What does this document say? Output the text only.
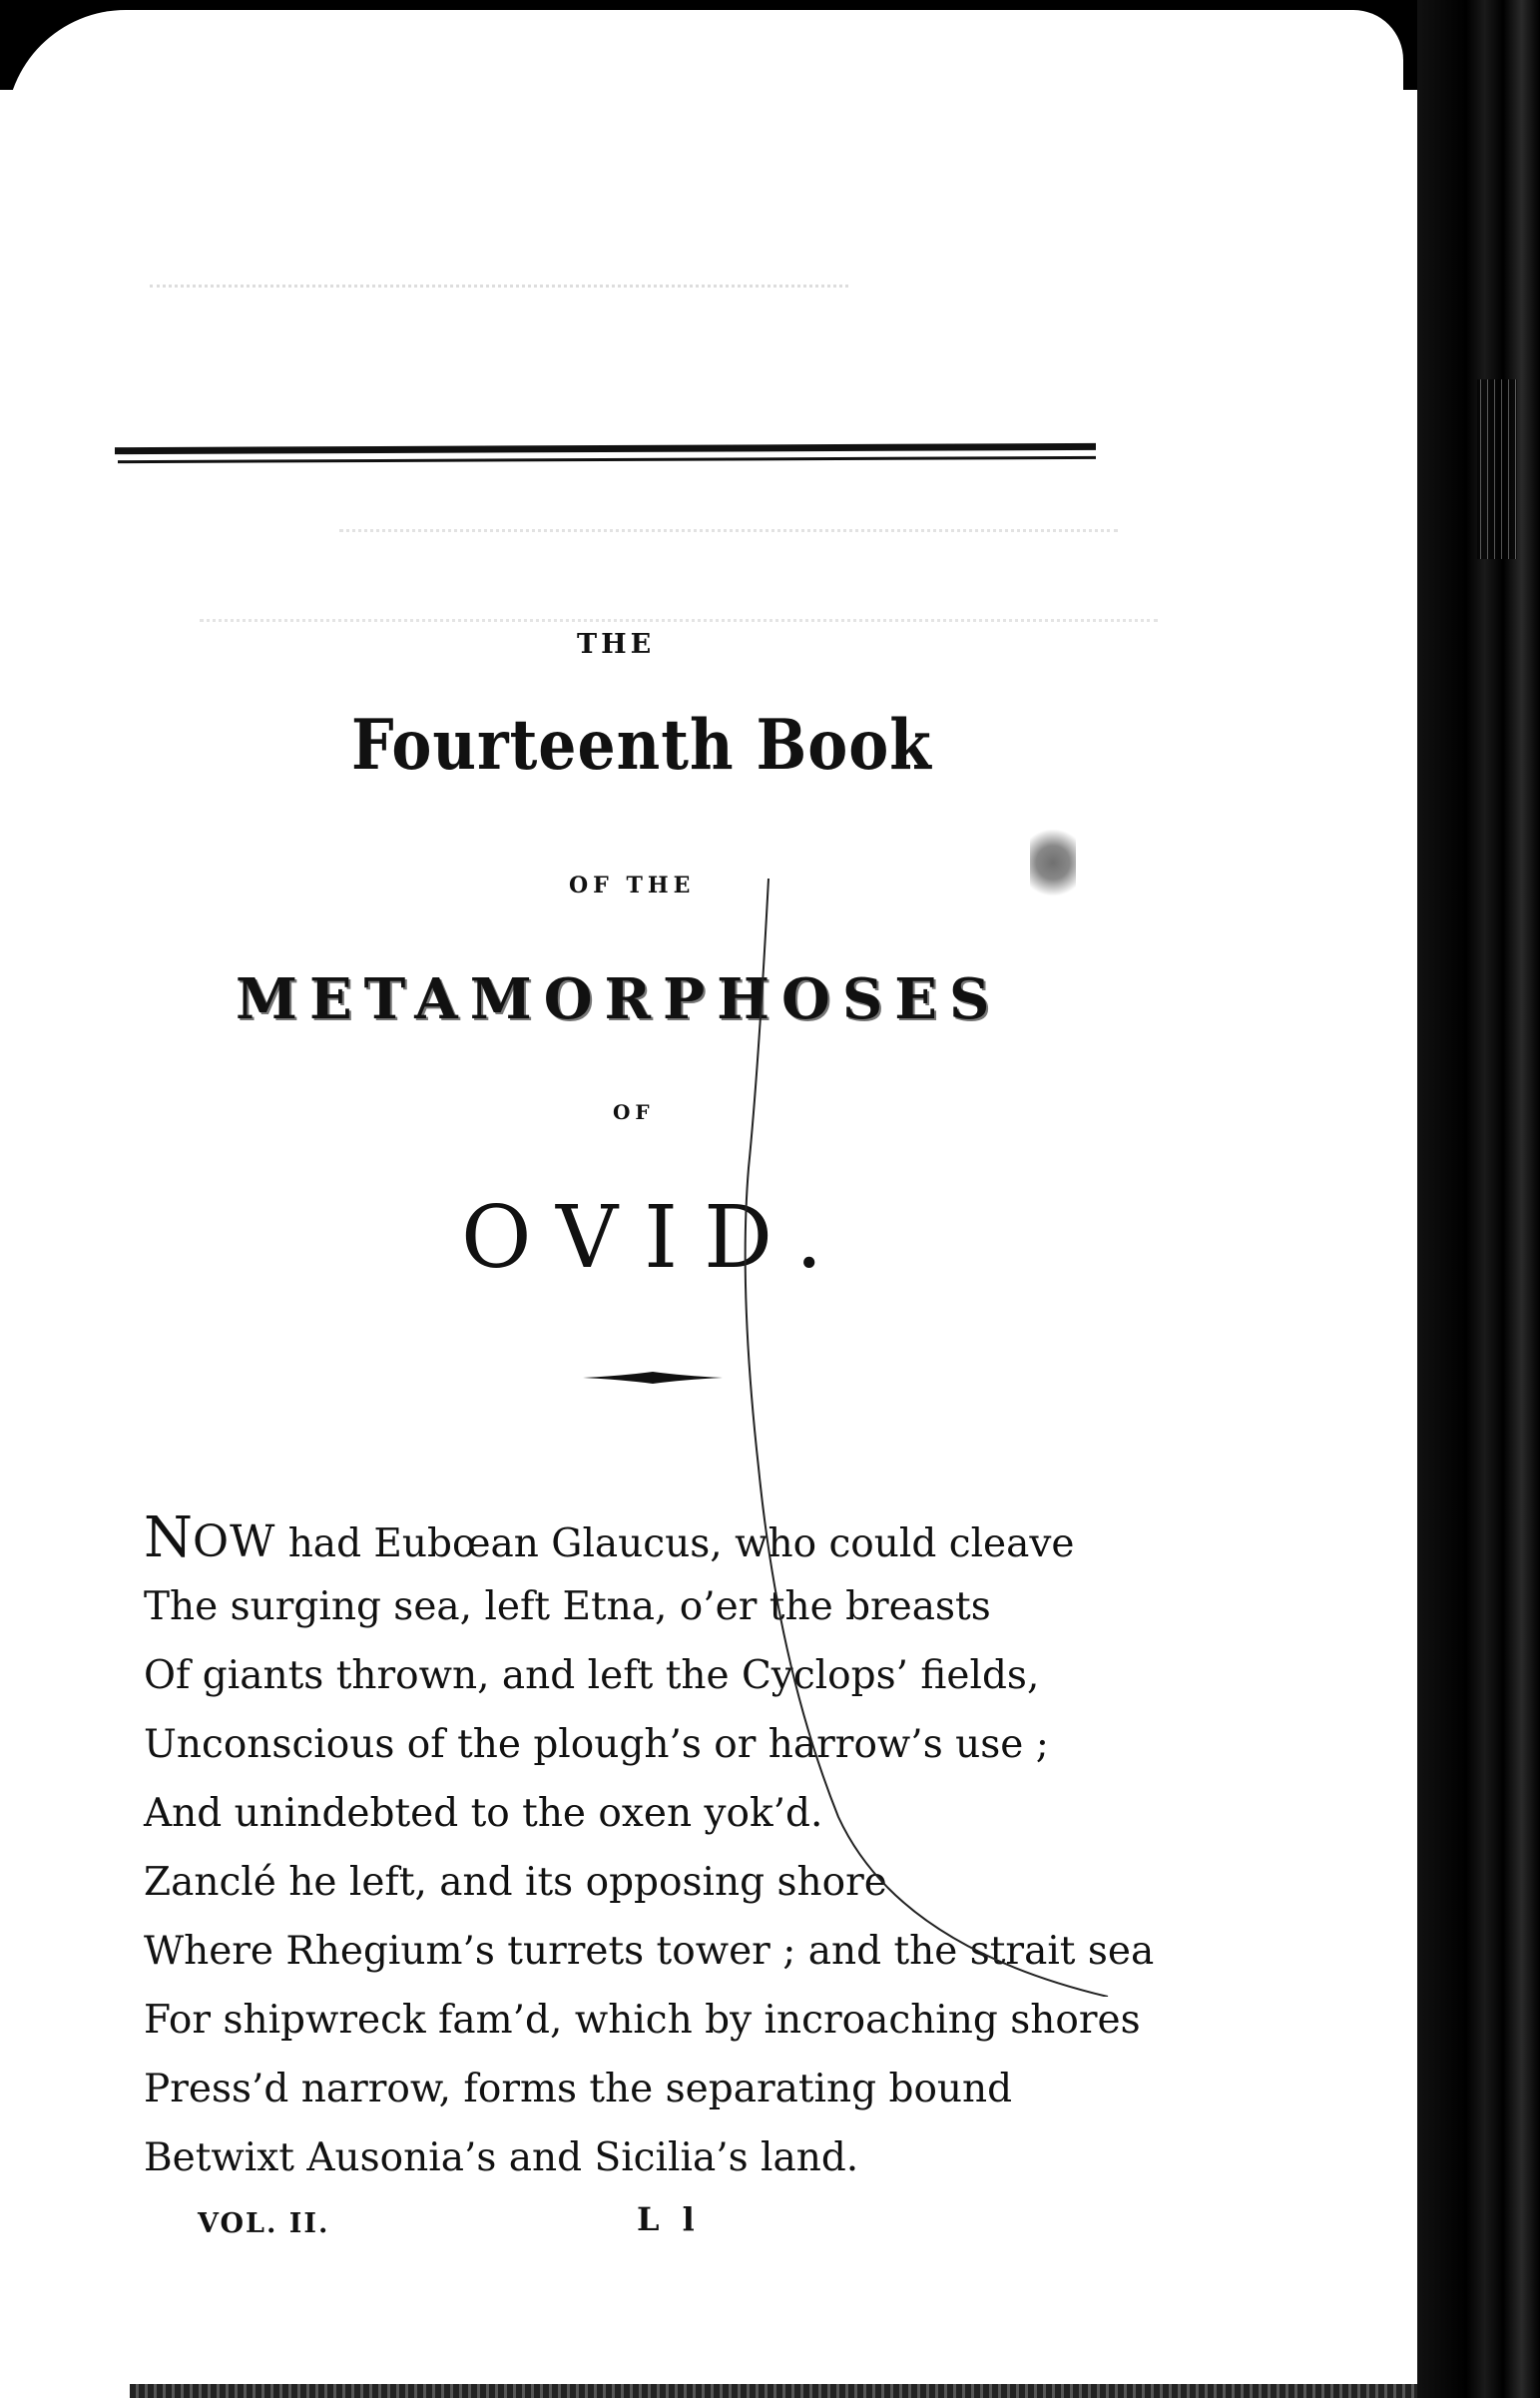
THE
Fourteenth Book
OF THE
METAMORPHOSES
OF
OVID.
NOW had Eubœan Glaucus, who could cleave
The surging sea, left Etna, o’er the breasts
Of giants thrown, and left the Cyclops’ fields,
Unconscious of the plough’s or harrow’s use ;
And unindebted to the oxen yok’d.
Zanclé he left, and its opposing shore
Where Rhegium’s turrets tower ; and the strait sea
For shipwreck fam’d, which by incroaching shores
Press’d narrow, forms the separating bound
Betwixt Ausonia’s and Sicilia’s land.
VOL. II.	L l
